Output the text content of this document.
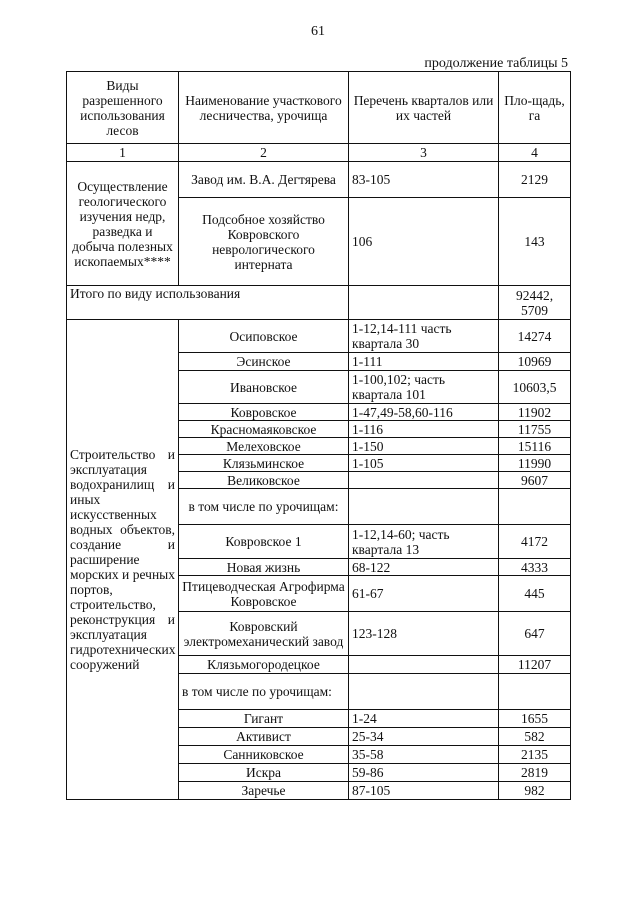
61
продолжение таблицы 5
Виды разрешенного использования лесов	Наименование участкового лесничества, урочища	Перечень кварталов или их частей	Пло-щадь, га
1	2	3	4
Осуществление геологического изучения недр, разведка и добыча полезных ископаемых****	Завод им. В.А. Дегтярева	83-105	2129
	Подсобное хозяйство Ковровского неврологического интерната	106	143
Итого по виду использования			92442, 5709
Строительство и эксплуатация водохранилищ и иных искусственных водных объектов, создание и расширение морских и речных портов, строительство, реконструкция и эксплуатация гидротехнических сооружений	Осиповское	1-12,14-111 часть квартала 30	14274
	Эсинское	1-111	10969
	Ивановское	1-100,102; часть квартала 101	10603,5
	Ковровское	1-47,49-58,60-116	11902
	Красномаяковское	1-116	11755
	Мелеховское	1-150	15116
	Клязьминское	1-105	11990
	Великовское		9607
	в том числе по урочищам:		
	Ковровское 1	1-12,14-60; часть квартала 13	4172
	Новая жизнь	68-122	4333
	Птицеводческая Агрофирма Ковровское	61-67	445
	Ковровский электромеханический завод	123-128	647
	Клязьмогородецкое		11207
	в том числе по урочищам:		
	Гигант	1-24	1655
	Активист	25-34	582
	Санниковское	35-58	2135
	Искра	59-86	2819
	Заречье	87-105	982
